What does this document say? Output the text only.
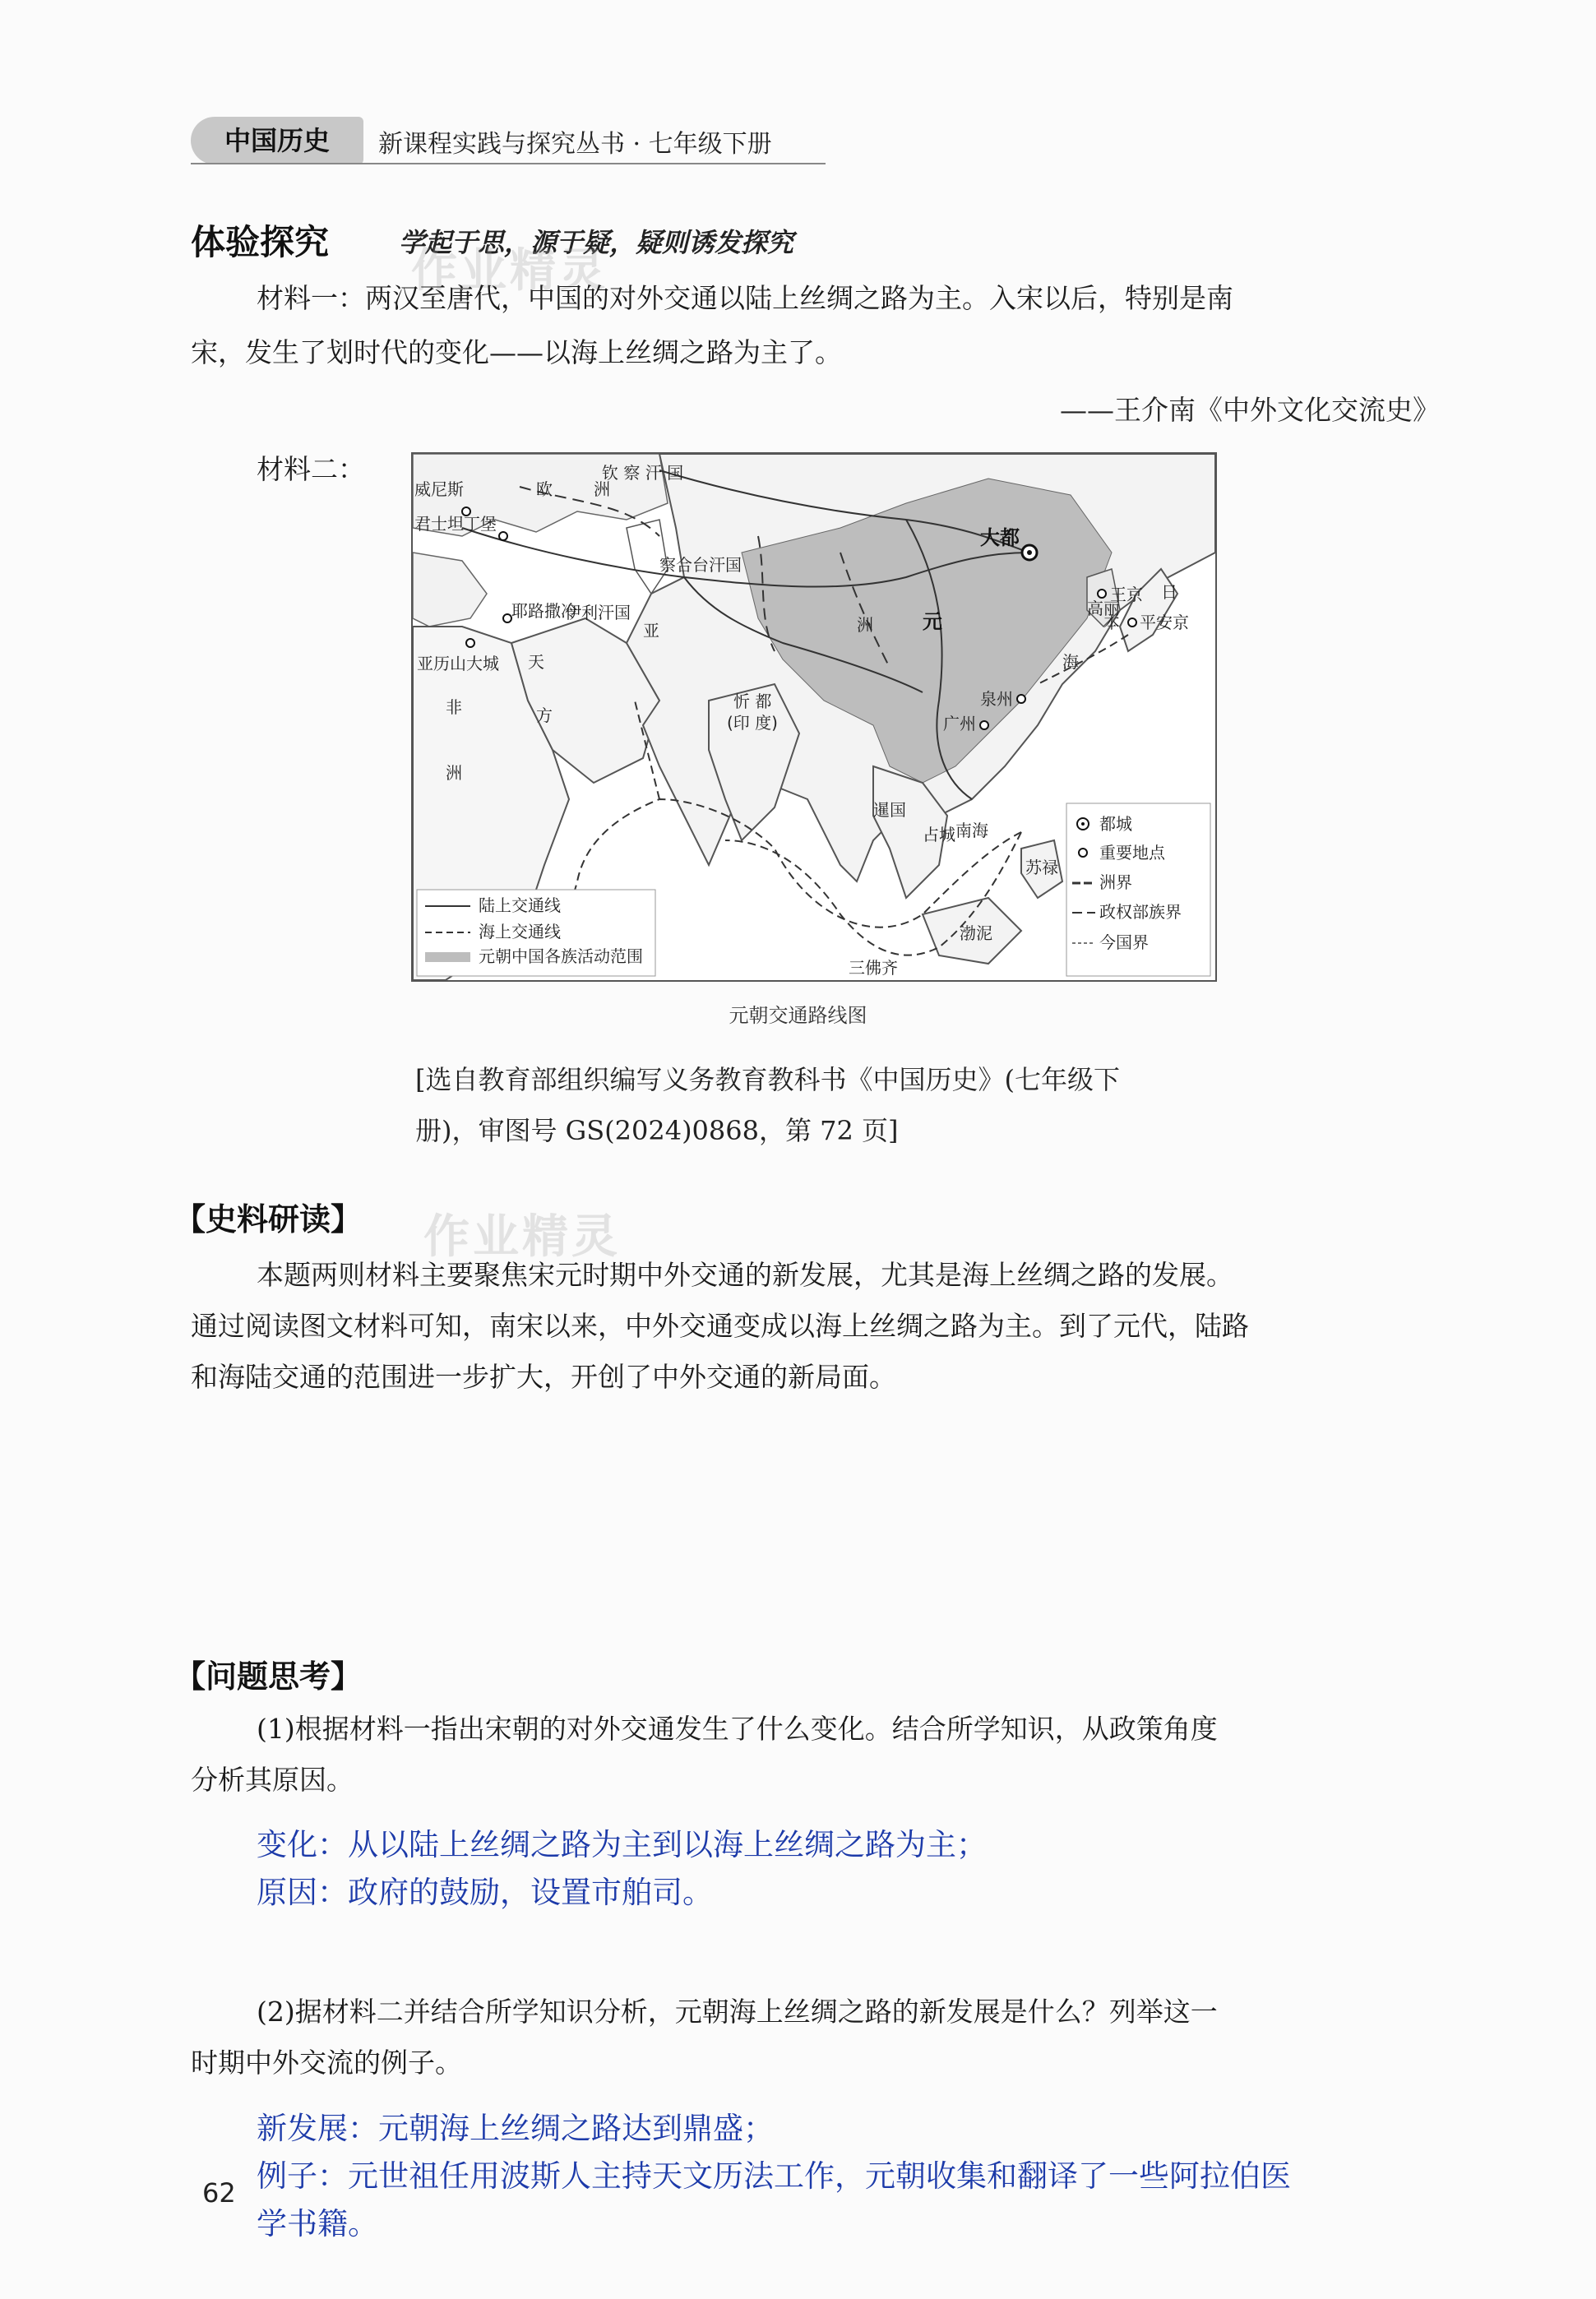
中国历史	新课程实践与探究丛书 · 七年级下册
体验探究	学起于思，源于疑，疑则诱发探究
作业精灵
材料一：两汉至唐代，中国的对外交通以陆上丝绸之路为主。入宋以后，特别是南
宋，发生了划时代的变化——以海上丝绸之路为主了。
——王介南《中外文化交流史》
材料二：
威尼斯
君士坦丁堡
耶路撒冷
亚历山大城
大都
王京
平安京
泉州
广州
三佛齐
苏禄
钦 察 汗 国
察合台汗国
伊利汗国	元
天
方
忻 都
(印 度)
欧	洲
亚	洲
非
洲
日
本
高丽
暹国
占城
渤泥
海
南海
陆上交通线
海上交通线
元朝中国各族活动范围
都城
重要地点
洲界
政权部族界
今国界
元朝交通路线图
[选自教育部组织编写义务教育教科书《中国历史》(七年级下
册)，审图号 GS(2024)0868，第 72 页]
【史料研读】 作业精灵
本题两则材料主要聚焦宋元时期中外交通的新发展，尤其是海上丝绸之路的发展。
通过阅读图文材料可知，南宋以来，中外交通变成以海上丝绸之路为主。到了元代，陆路
和海陆交通的范围进一步扩大，开创了中外交通的新局面。
【问题思考】
(1)根据材料一指出宋朝的对外交通发生了什么变化。结合所学知识，从政策角度
分析其原因。
变化：从以陆上丝绸之路为主到以海上丝绸之路为主；
原因：政府的鼓励，设置市舶司。
(2)据材料二并结合所学知识分析，元朝海上丝绸之路的新发展是什么？列举这一
时期中外交流的例子。
新发展：元朝海上丝绸之路达到鼎盛；
例子：元世祖任用波斯人主持天文历法工作，元朝收集和翻译了一些阿拉伯医
学书籍。
62
